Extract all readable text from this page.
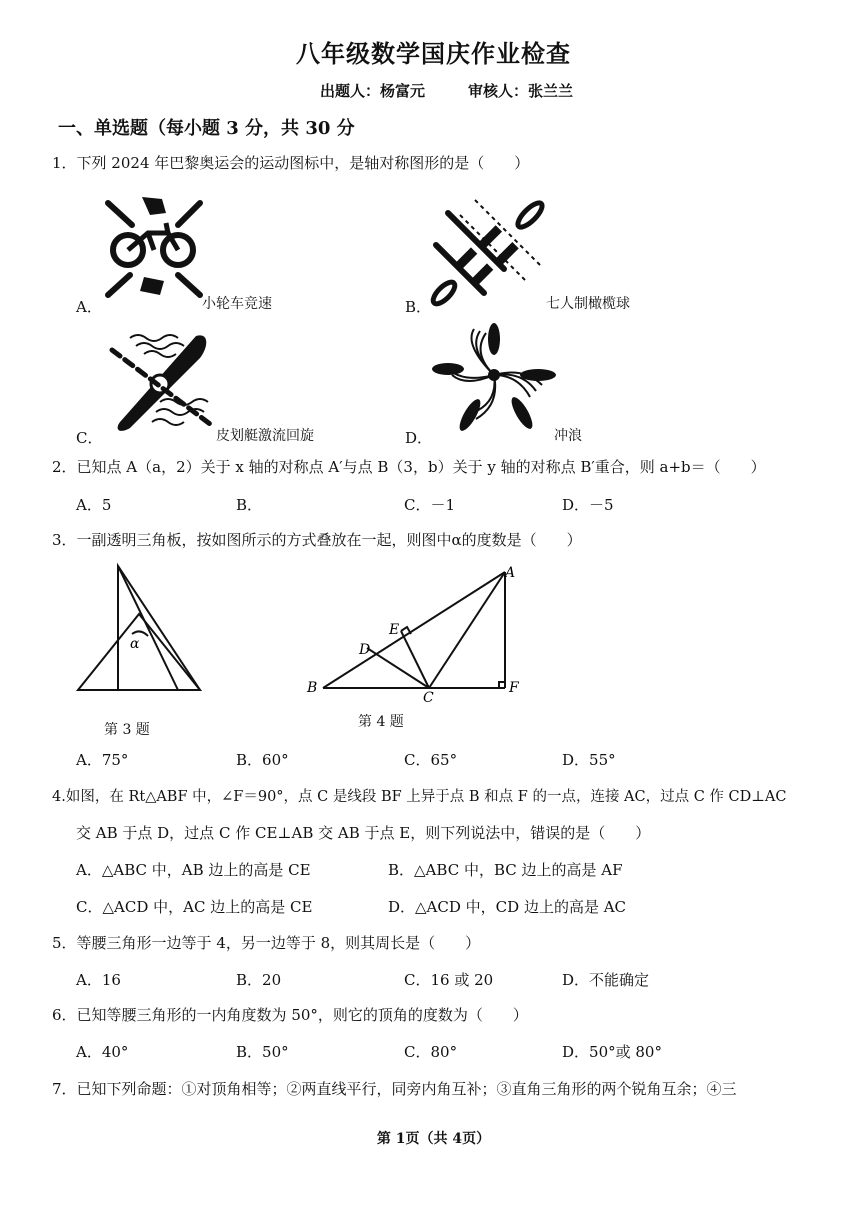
八年级数学国庆作业检查
出题人：杨富元	审核人：张兰兰
一、单选题（每小题 3 分，共 30 分
1．下列 2024 年巴黎奥运会的运动图标中，是轴对称图形的是（　　）
A．	小轮车竞速	B．	七人制橄榄球
C．	皮划艇激流回旋	D．	冲浪
2．已知点 A（a，2）关于 x 轴的对称点 A′与点 B（3，b）关于 y 轴的对称点 B′重合，则 a+b＝（　　）
A．5	B．	C．－1	D．－5
3．一副透明三角板，按如图所示的方式叠放在一起，则图中α的度数是（　　）
α
第 3 题
A
B
C
D
E
F
第 4 题
A．75°	B．60°	C．65°	D．55°
4.如图，在 Rt△ABF 中，∠F＝90°，点 C 是线段 BF 上异于点 B 和点 F 的一点，连接 AC，过点 C 作 CD⊥AC
交 AB 于点 D，过点 C 作 CE⊥AB 交 AB 于点 E，则下列说法中，错误的是（　　）
A．△ABC 中，AB 边上的高是 CE	B．△ABC 中，BC 边上的高是 AF
C．△ACD 中，AC 边上的高是 CE	D．△ACD 中，CD 边上的高是 AC
5．等腰三角形一边等于 4，另一边等于 8，则其周长是（　　）
A．16	B．20	C．16 或 20	D．不能确定
6．已知等腰三角形的一内角度数为 50°，则它的顶角的度数为（　　）
A．40°	B．50°	C．80°	D．50°或 80°
7．已知下列命题：①对顶角相等；②两直线平行，同旁内角互补；③直角三角形的两个锐角互余；④三
第 1页（共 4页）
